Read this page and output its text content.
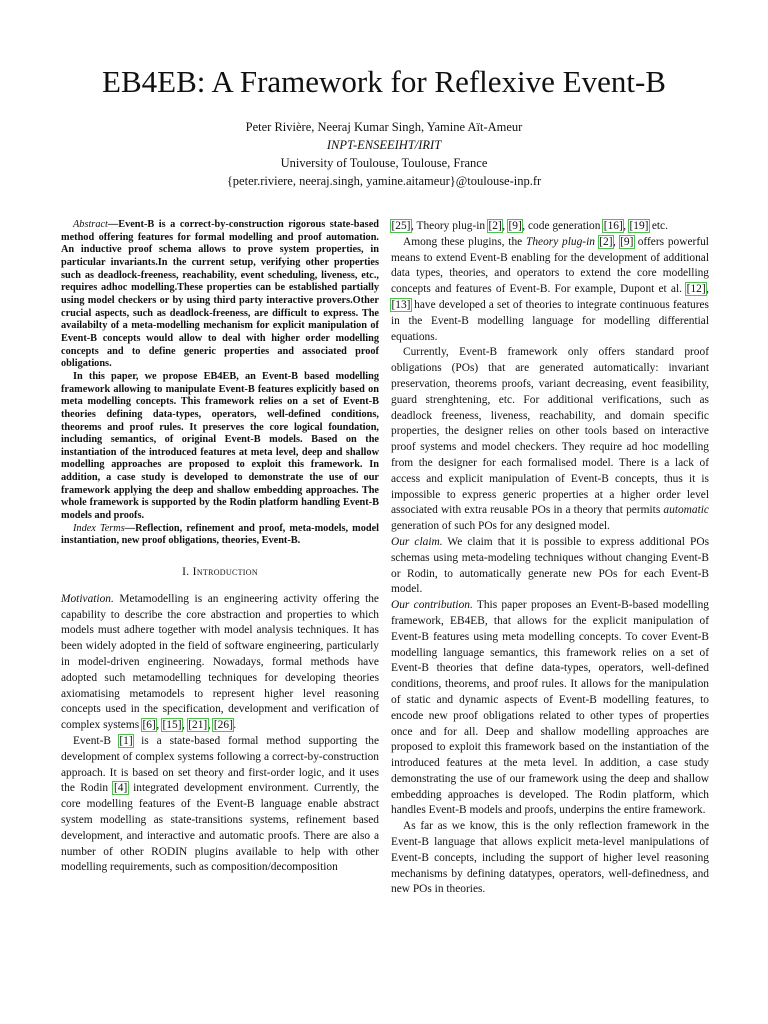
EB4EB: A Framework for Reflexive Event-B
Peter Rivière, Neeraj Kumar Singh, Yamine Aït-Ameur
INPT-ENSEEIHT/IRIT
University of Toulouse, Toulouse, France
{peter.riviere, neeraj.singh, yamine.aitameur}@toulouse-inp.fr

Abstract—Event-B is a correct-by-construction rigorous state-based method offering features for formal modelling and proof automation. An inductive proof schema allows to prove system properties, in particular invariants.In the current setup, verifying other properties such as deadlock-freeness, reachability, event scheduling, liveness, etc., requires adhoc modelling.These properties can be established partially using model checkers or by using third party interactive provers.Other crucial aspects, such as deadlock-freeness, are difficult to express. The availabilty of a meta-modelling mechanism for explicit manipulation of Event-B concepts would allow to deal with higher order modelling concepts and to define generic properties and associated proof obligations.

In this paper, we propose EB4EB, an Event-B based modelling framework allowing to manipulate Event-B features explicitly based on meta modelling concepts. This framework relies on a set of Event-B theories defining data-types, operators, well-defined conditions, theorems and proof rules. It preserves the core logical foundation, including semantics, of original Event-B models. Based on the instantiation of the introduced features at meta level, deep and shallow modelling approaches are proposed to exploit this framework. In addition, a case study is developed to demonstrate the use of our framework applying the deep and shallow embedding approaches. The whole framework is supported by the Rodin platform handling Event-B models and proofs.

Index Terms—Reflection, refinement and proof, meta-models, model instantiation, new proof obligations, theories, Event-B.

I. Introduction

Motivation. Metamodelling is an engineering activity offering the capability to describe the core abstraction and properties to which models must adhere together with model analysis techniques. It has been widely adopted in the field of software engineering, particularly in model-driven engineering. Nowadays, formal methods have adopted such metamodelling techniques for developing theories axiomatising metamodels to represent higher level reasoning concepts used in the specification, development and verification of complex systems [6], [15], [21], [26].

Event-B [1] is a state-based formal method supporting the development of complex systems following a correct-by-construction approach. It is based on set theory and first-order logic, and it uses the Rodin [4] integrated development environment. Currently, the core modelling features of the Event-B language enable abstract system modelling as state-transitions systems, refinement based development, and interactive and automatic proofs. There are also a number of other RODIN plugins available to help with other modelling requirements, such as composition/decomposition

[25], Theory plug-in [2], [9], code generation [16], [19] etc.

Among these plugins, the Theory plug-in [2], [9] offers powerful means to extend Event-B enabling for the development of additional data types, theories, and operators to extend the core modelling concepts and features of Event-B. For example, Dupont et al. [12], [13] have developed a set of theories to integrate continuous features in the Event-B modelling language for modelling differential equations.

Currently, Event-B framework only offers standard proof obligations (POs) that are generated automatically: invariant preservation, theorems proofs, variant decreasing, event feasibility, guard strenghtening, etc. For additional verifications, such as deadlock freeness, liveness, reachability, and domain specific properties, the designer relies on other tools based on interactive proof systems and model checkers. They require ad hoc modelling from the designer for each formalised model. There is a lack of access and explicit manipulation of Event-B concepts, thus it is impossible to express generic properties at a higher order level associated with extra reusable POs in a theory that permits automatic generation of such POs for any designed model.

Our claim. We claim that it is possible to express additional POs schemas using meta-modeling techniques without changing Event-B or Rodin, to automatically generate new POs for each Event-B model.

Our contribution. This paper proposes an Event-B-based modelling framework, EB4EB, that allows for the explicit manipulation of Event-B features using meta modelling concepts. To cover Event-B modelling language semantics, this framework relies on a set of Event-B theories that define data-types, operators, well-defined conditions, theorems, and proof rules. It allows for the manipulation of static and dynamic aspects of Event-B modelling features, to encode new proof obligations related to other types of properties once and for all. Deep and shallow modelling approaches are proposed to exploit this framework based on the instantiation of the introduced features at the meta level. In addition, a case study demonstrating the use of our framework using the deep and shallow embedding approaches is developed. The Rodin platform, which handles Event-B models and proofs, underpins the entire framework.

As far as we know, this is the only reflection framework in the Event-B language that allows explicit meta-level manipulations of Event-B concepts, including the support of higher level reasoning mechanisms by defining datatypes, operators, well-definedness, and new POs in theories.
